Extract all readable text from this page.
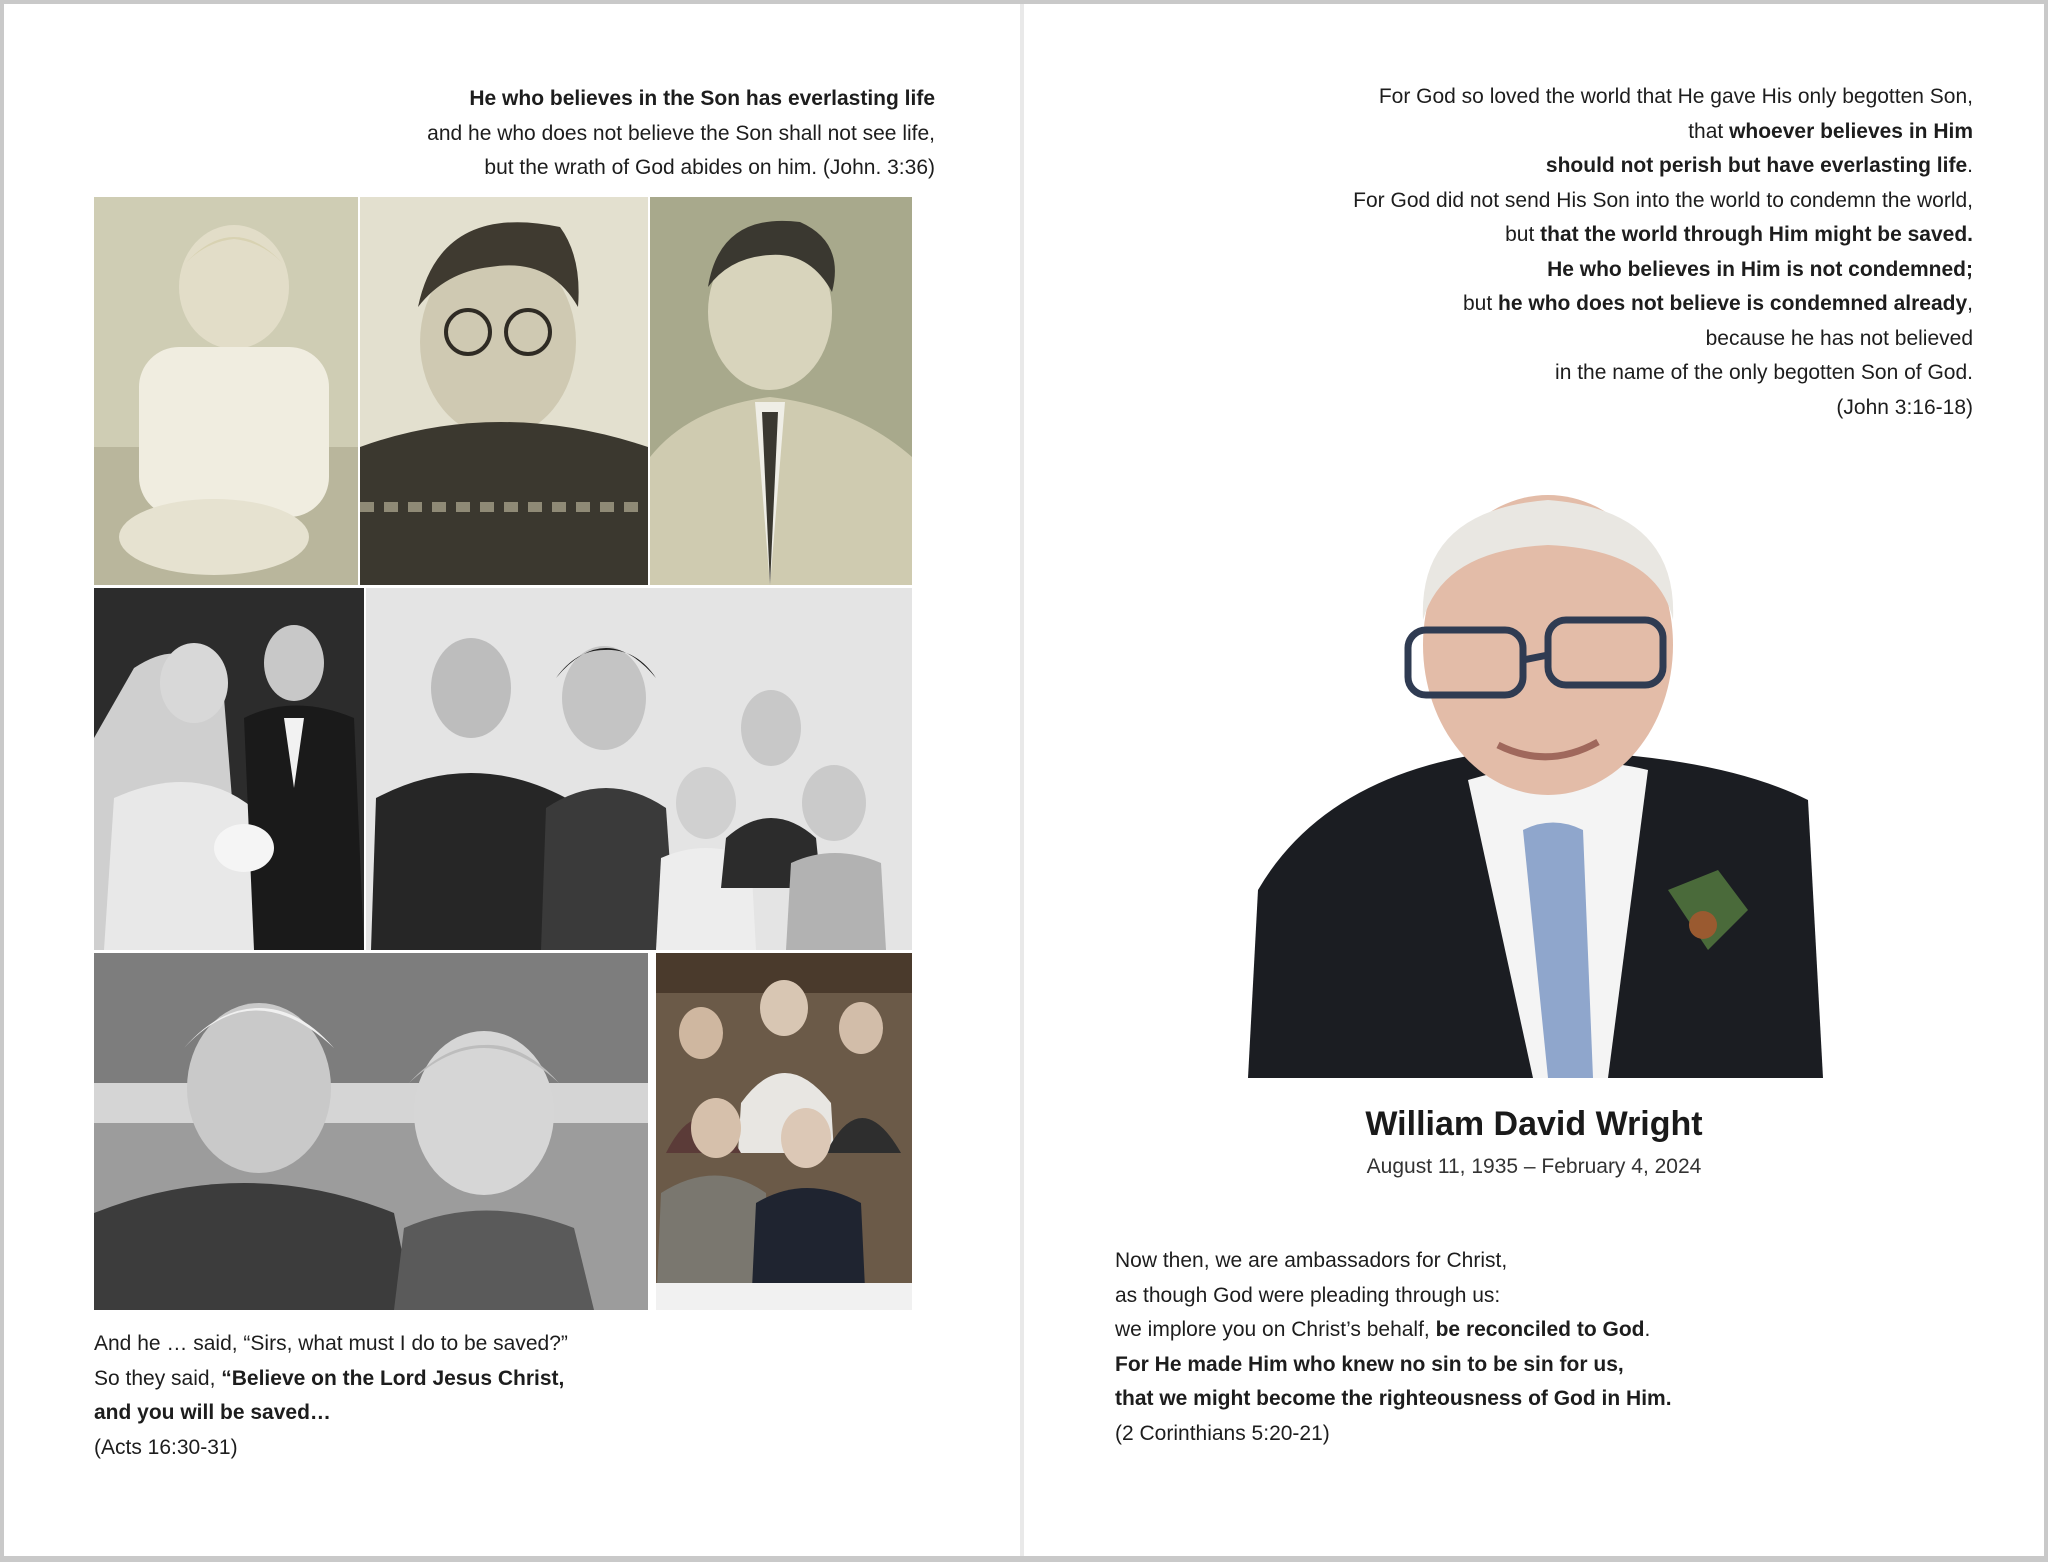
He who believes in the Son has everlasting life
and he who does not believe the Son shall not see life,
but the wrath of God abides on him. (John. 3:36)
And he … said, “Sirs, what must I do to be saved?”
So they said, “Believe on the Lord Jesus Christ,
and you will be saved…
(Acts 16:30-31)
For God so loved the world that He gave His only begotten Son,
that whoever believes in Him
should not perish but have everlasting life.
For God did not send His Son into the world to condemn the world,
but that the world through Him might be saved.
He who believes in Him is not condemned;
but he who does not believe is condemned already,
because he has not believed
in the name of the only begotten Son of God.
(John 3:16-18)
William David Wright
August 11, 1935 – February 4, 2024
Now then, we are ambassadors for Christ,
as though God were pleading through us:
we implore you on Christ’s behalf, be reconciled to God.
For He made Him who knew no sin to be sin for us,
that we might become the righteousness of God in Him.
(2 Corinthians 5:20-21)
